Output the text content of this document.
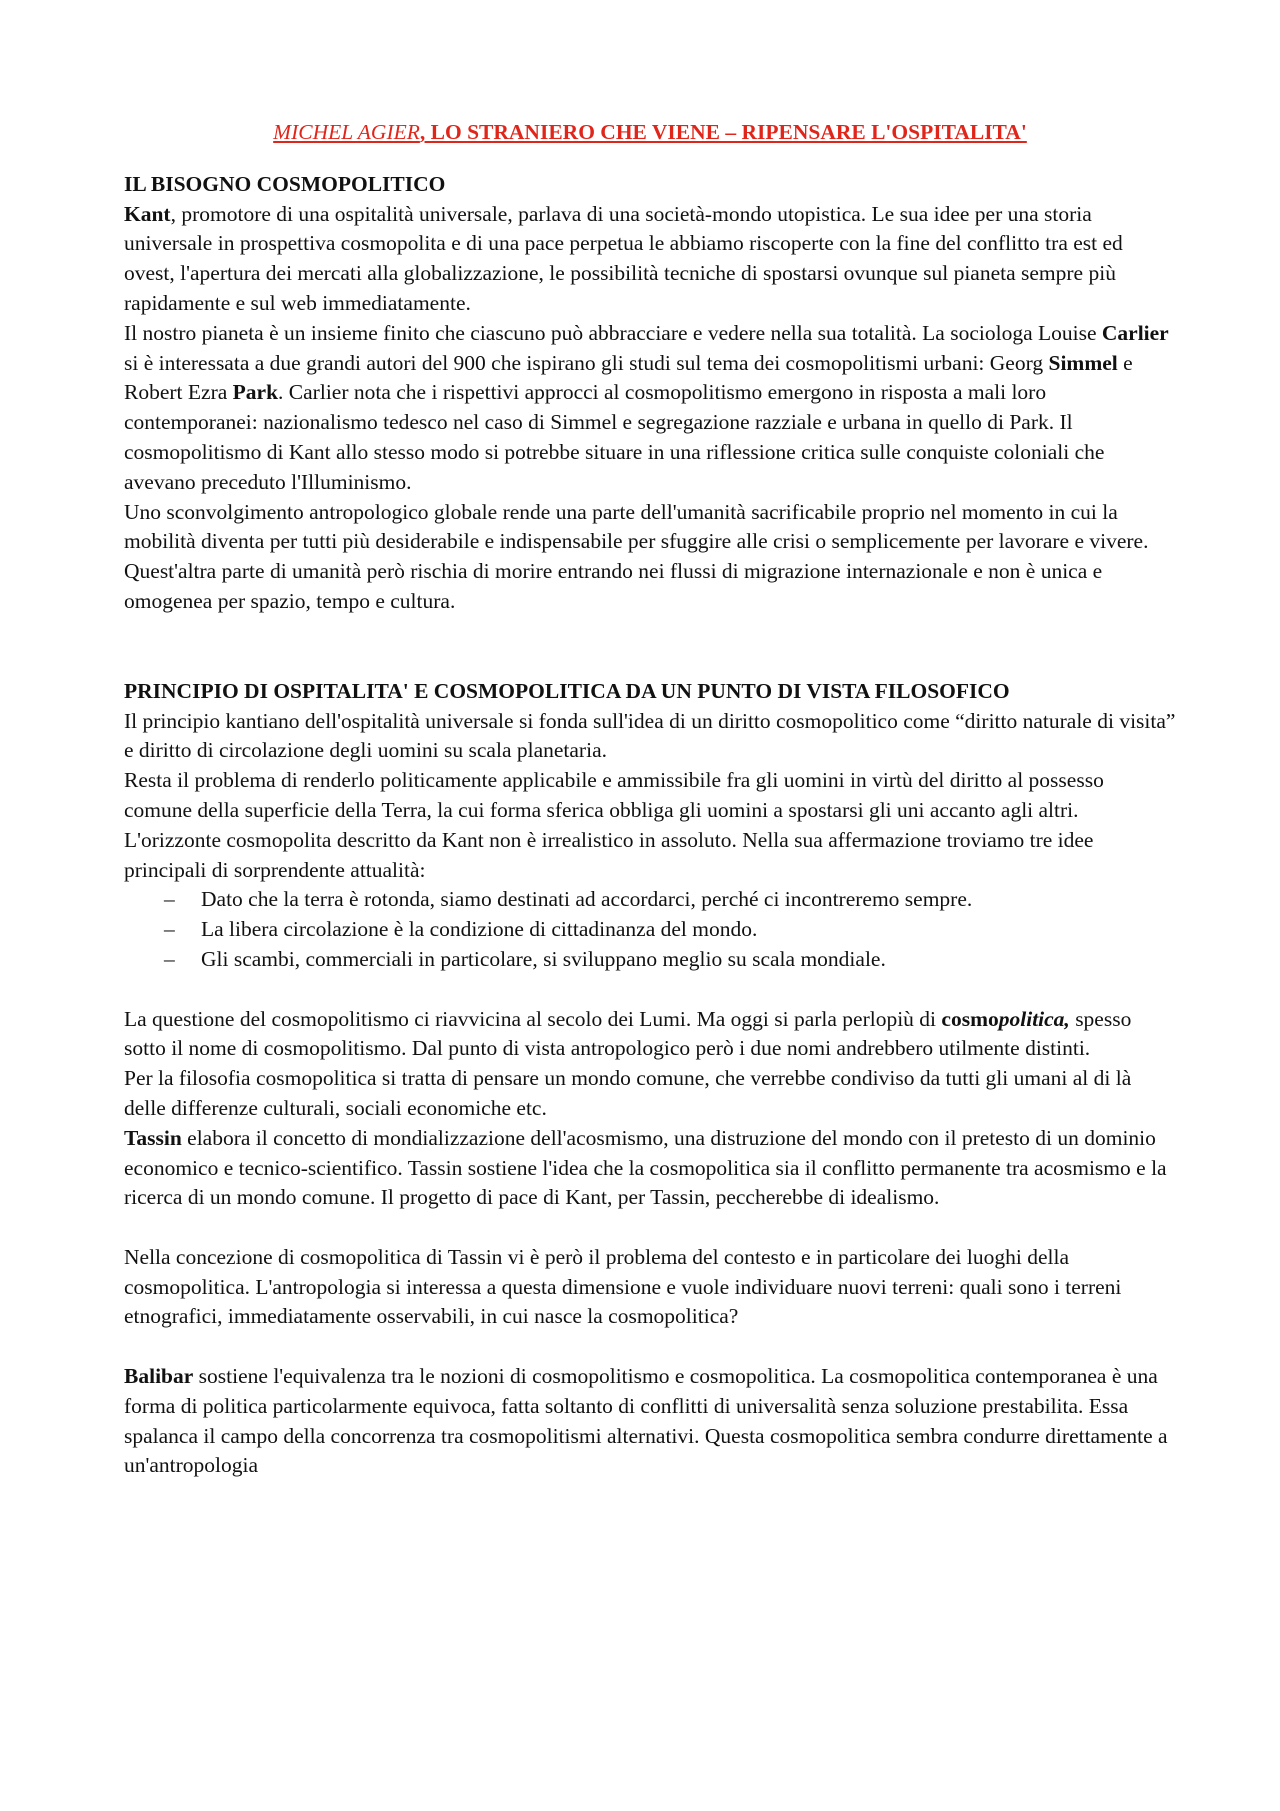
MICHEL AGIER, LO STRANIERO CHE VIENE – RIPENSARE L'OSPITALITA'
IL BISOGNO COSMOPOLITICO

Kant, promotore di una ospitalità universale, parlava di una società-mondo utopistica. Le sua idee per una storia universale in prospettiva cosmopolita e di una pace perpetua le abbiamo riscoperte con la fine del conflitto tra est ed ovest, l'apertura dei mercati alla globalizzazione, le possibilità tecniche di spostarsi ovunque sul pianeta sempre più rapidamente e sul web immediatamente.

Il nostro pianeta è un insieme finito che ciascuno può abbracciare e vedere nella sua totalità. La sociologa Louise Carlier si è interessata a due grandi autori del 900 che ispirano gli studi sul tema dei cosmopolitismi urbani: Georg Simmel e Robert Ezra Park. Carlier nota che i rispettivi approcci al cosmopolitismo emergono in risposta a mali loro contemporanei: nazionalismo tedesco nel caso di Simmel e segregazione razziale e urbana in quello di Park. Il cosmopolitismo di Kant allo stesso modo si potrebbe situare in una riflessione critica sulle conquiste coloniali che avevano preceduto l'Illuminismo.

Uno sconvolgimento antropologico globale rende una parte dell'umanità sacrificabile proprio nel momento in cui la mobilità diventa per tutti più desiderabile e indispensabile per sfuggire alle crisi o semplicemente per lavorare e vivere. Quest'altra parte di umanità però rischia di morire entrando nei flussi di migrazione internazionale e non è unica e omogenea per spazio, tempo e cultura.

PRINCIPIO DI OSPITALITA' E COSMOPOLITICA DA UN PUNTO DI VISTA FILOSOFICO

Il principio kantiano dell'ospitalità universale si fonda sull'idea di un diritto cosmopolitico come “diritto naturale di visita” e diritto di circolazione degli uomini su scala planetaria.

Resta il problema di renderlo politicamente applicabile e ammissibile fra gli uomini in virtù del diritto al possesso comune della superficie della Terra, la cui forma sferica obbliga gli uomini a spostarsi gli uni accanto agli altri.

L'orizzonte cosmopolita descritto da Kant non è irrealistico in assoluto. Nella sua affermazione troviamo tre idee principali di sorprendente attualità:

– Dato che la terra è rotonda, siamo destinati ad accordarci, perché ci incontreremo sempre.
– La libera circolazione è la condizione di cittadinanza del mondo.
– Gli scambi, commerciali in particolare, si sviluppano meglio su scala mondiale.

La questione del cosmopolitismo ci riavvicina al secolo dei Lumi. Ma oggi si parla perlopiù di cosmopolitica, spesso sotto il nome di cosmopolitismo. Dal punto di vista antropologico però i due nomi andrebbero utilmente distinti.

Per la filosofia cosmopolitica si tratta di pensare un mondo comune, che verrebbe condiviso da tutti gli umani al di là delle differenze culturali, sociali economiche etc.

Tassin elabora il concetto di mondializzazione dell'acosmismo, una distruzione del mondo con il pretesto di un dominio economico e tecnico-scientifico. Tassin sostiene l'idea che la cosmopolitica sia il conflitto permanente tra acosmismo e la ricerca di un mondo comune. Il progetto di pace di Kant, per Tassin, peccherebbe di idealismo.

Nella concezione di cosmopolitica di Tassin vi è però il problema del contesto e in particolare dei luoghi della cosmopolitica. L'antropologia si interessa a questa dimensione e vuole individuare nuovi terreni: quali sono i terreni etnografici, immediatamente osservabili, in cui nasce la cosmopolitica?

Balibar sostiene l'equivalenza tra le nozioni di cosmopolitismo e cosmopolitica. La cosmopolitica contemporanea è una forma di politica particolarmente equivoca, fatta soltanto di conflitti di universalità senza soluzione prestabilita. Essa spalanca il campo della concorrenza tra cosmopolitismi alternativi. Questa cosmopolitica sembra condurre direttamente a un'antropologia
